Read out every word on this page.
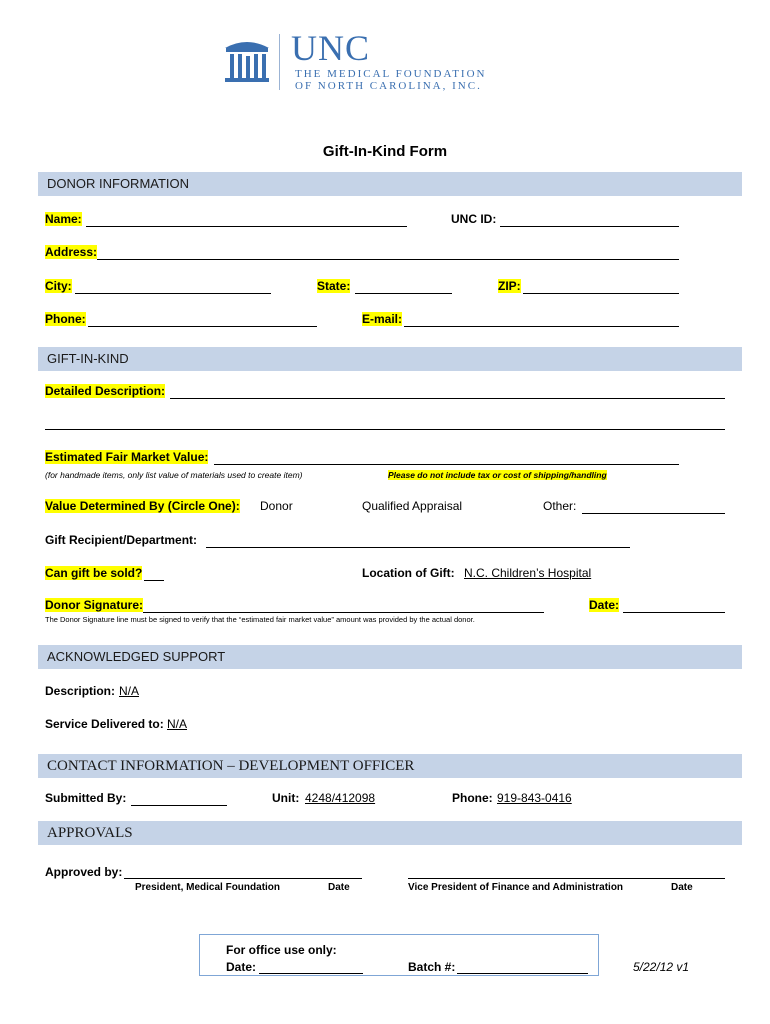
UNC
THE MEDICAL FOUNDATION
OF NORTH CAROLINA, INC.
Gift-In-Kind Form
DONOR INFORMATION
Name:	UNC ID:
Address:
City:	State:	ZIP:
Phone:	E-mail:
GIFT-IN-KIND
Detailed Description:
Estimated Fair Market Value:
(for handmade items, only list value of materials used to create item)	Please do not include tax or cost of shipping/handling
Value Determined By (Circle One): Donor	Qualified Appraisal	Other:
Gift Recipient/Department:
Can gift be sold?	Location of Gift: N.C. Children’s Hospital
Donor Signature:	Date:
The Donor Signature line must be signed to verify that the “estimated fair market value” amount was provided by the actual donor.
ACKNOWLEDGED SUPPORT
Description: N/A
Service Delivered to: N/A
CONTACT INFORMATION – DEVELOPMENT OFFICER
Submitted By:	Unit: 4248/412098	Phone: 919-843-0416
APPROVALS
Approved by:
President, Medical Foundation	Date	Vice President of Finance and Administration	Date
For office use only:
Date:	Batch #:	5/22/12 v1
